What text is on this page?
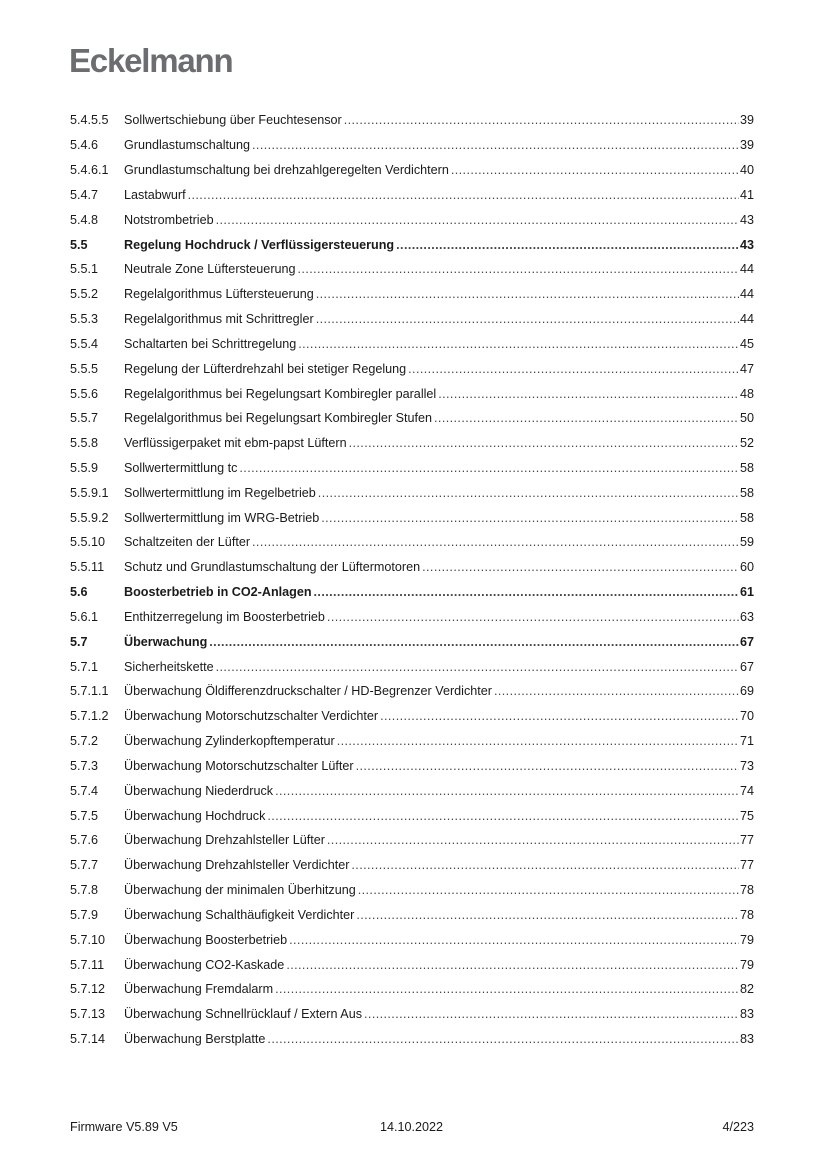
Eckelmann
5.4.5.5	Sollwertschiebung über Feuchtesensor .....	39
5.4.6	Grundlastumschaltung .....	39
5.4.6.1	Grundlastumschaltung bei drehzahlgeregelten Verdichtern .....	40
5.4.7	Lastabwurf .....	41
5.4.8	Notstrombetrieb .....	43
5.5	Regelung Hochdruck / Verflüssigersteuerung .....	43
5.5.1	Neutrale Zone Lüftersteuerung .....	44
5.5.2	Regelalgorithmus Lüftersteuerung .....	44
5.5.3	Regelalgorithmus mit Schrittregler .....	44
5.5.4	Schaltarten bei Schrittregelung .....	45
5.5.5	Regelung der Lüfterdrehzahl bei stetiger Regelung .....	47
5.5.6	Regelalgorithmus bei Regelungsart Kombiregler parallel .....	48
5.5.7	Regelalgorithmus bei Regelungsart Kombiregler Stufen .....	50
5.5.8	Verflüssigerpaket mit ebm-papst Lüftern .....	52
5.5.9	Sollwertermittlung tc .....	58
5.5.9.1	Sollwertermittlung im Regelbetrieb .....	58
5.5.9.2	Sollwertermittlung im WRG-Betrieb .....	58
5.5.10	Schaltzeiten der Lüfter .....	59
5.5.11	Schutz und Grundlastumschaltung der Lüftermotoren .....	60
5.6	Boosterbetrieb in CO2-Anlagen .....	61
5.6.1	Enthitzerregelung im Boosterbetrieb .....	63
5.7	Überwachung .....	67
5.7.1	Sicherheitskette .....	67
5.7.1.1	Überwachung Öldifferenzdruckschalter / HD-Begrenzer Verdichter .....	69
5.7.1.2	Überwachung Motorschutzschalter Verdichter .....	70
5.7.2	Überwachung Zylinderkopftemperatur .....	71
5.7.3	Überwachung Motorschutzschalter Lüfter .....	73
5.7.4	Überwachung Niederdruck .....	74
5.7.5	Überwachung Hochdruck .....	75
5.7.6	Überwachung Drehzahlsteller Lüfter .....	77
5.7.7	Überwachung Drehzahlsteller Verdichter .....	77
5.7.8	Überwachung der minimalen Überhitzung .....	78
5.7.9	Überwachung Schalthäufigkeit Verdichter .....	78
5.7.10	Überwachung Boosterbetrieb .....	79
5.7.11	Überwachung CO2-Kaskade .....	79
5.7.12	Überwachung Fremdalarm .....	82
5.7.13	Überwachung Schnellrücklauf / Extern Aus .....	83
5.7.14	Überwachung Berstplatte .....	83
Firmware V5.89 V5	14.10.2022	4/223
